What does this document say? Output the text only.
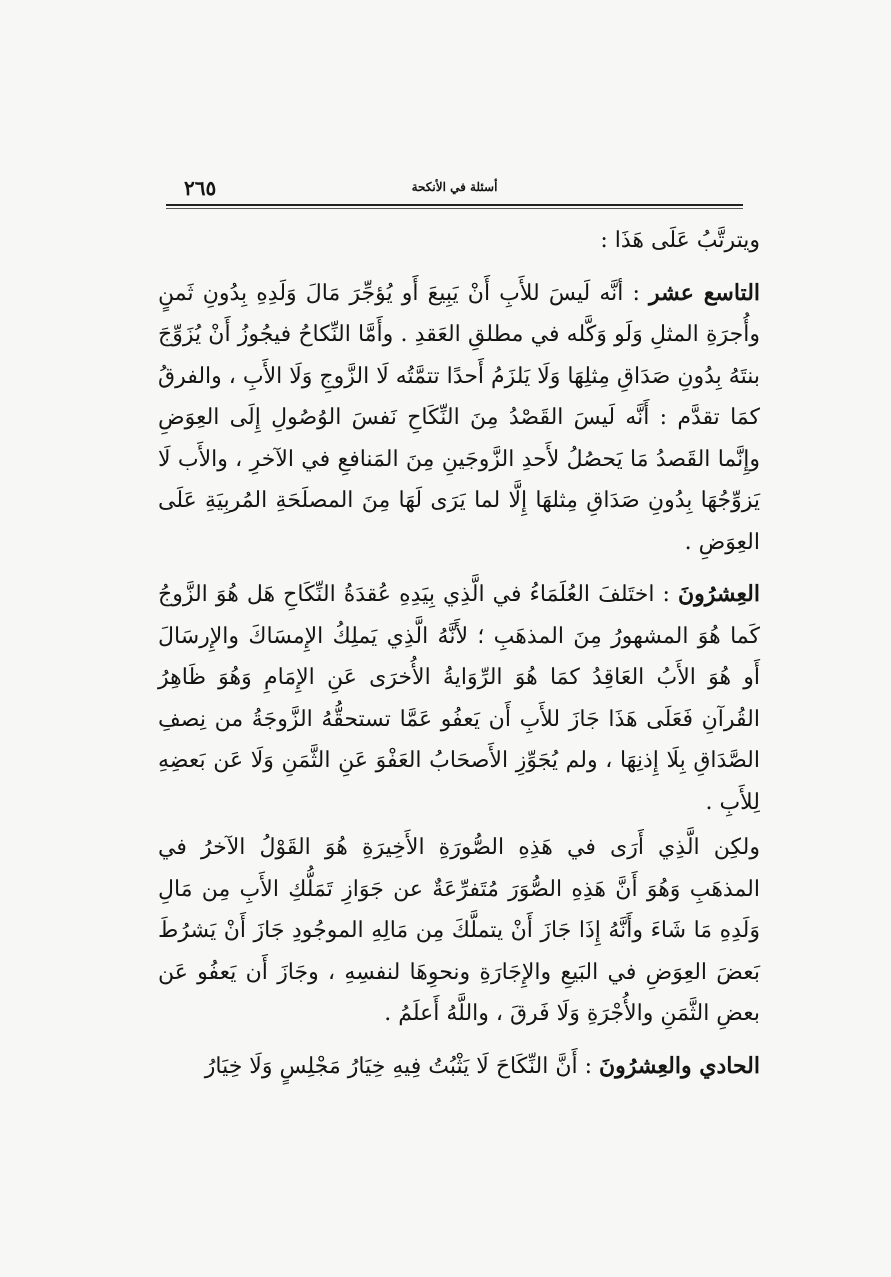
٢٦٥	أسئلة في الأنكحة

ويترتَّبُ عَلَى هَذَا :

التاسع عشر : أنَّه لَيسَ للأَبِ أَنْ يَبِيعَ أَو يُؤجِّرَ مَالَ وَلَدِهِ بِدُونِ ثَمنٍ وأُجرَةِ المثلِ وَلَو وَكَّله في مطلقِ العَقدِ . وأَمَّا النِّكاحُ فيجُوزُ أَنْ يُزَوِّجَ بنتَهُ بِدُونِ صَدَاقِ مِثلِهَا وَلَا يَلزَمُ أَحدًا تتمَّتُه لَا الزَّوجِ وَلَا الأَبِ ، والفرقُ كمَا تقدَّم : أَنَّه لَيسَ القَصْدُ مِنَ النِّكَاحِ نَفسَ الوُصُولِ إِلَى العِوَضِ وإِنَّما القَصدُ مَا يَحصُلُ لأَحدِ الزَّوجَينِ مِنَ المَنافعِ في الآخرِ ، والأَب لَا يَزوِّجُهَا بِدُونِ صَدَاقِ مِثلهَا إِلَّا لما يَرَى لَهَا مِنَ المصلَحَةِ المُربِيَةِ عَلَى العِوَضِ .

العِشرُونَ : اختَلفَ العُلَمَاءُ في الَّذِي بِيَدِهِ عُقدَةُ النِّكَاحِ هَل هُوَ الزَّوجُ كَما هُوَ المشهورُ مِنَ المذهَبِ ؛ لأَنَّهُ الَّذِي يَملِكُ الإِمسَاكَ والإِرسَالَ أَو هُوَ الأَبُ العَاقِدُ كمَا هُوَ الرِّوَايةُ الأُخرَى عَنِ الإِمَامِ وَهُوَ ظَاهِرُ القُرآنِ فَعَلَى هَذَا جَازَ للأَبِ أَن يَعفُو عَمَّا تستحقُّهُ الزَّوجَةُ من نِصفِ الصَّدَاقِ بِلَا إِذنِهَا ، ولم يُجَوِّزِ الأَصحَابُ العَفْوَ عَنِ الثَّمَنِ وَلَا عَن بَعضِهِ لِلأَبِ .

ولكِن الَّذِي أَرَى في هَذِهِ الصُّورَةِ الأَخِيرَةِ هُوَ القَوْلُ الآخرُ في المذهَبِ وَهُوَ أَنَّ هَذِهِ الصُّوَرَ مُتَفرِّعَةٌ عن جَوَازِ تَمَلُّكِ الأَبِ مِن مَالِ وَلَدِهِ مَا شَاءَ وأَنَّهُ إِذَا جَازَ أَنْ يتملَّكَ مِن مَالِهِ الموجُودِ جَازَ أَنْ يَشرُطَ بَعضَ العِوَضِ في البَيعِ والإِجَارَةِ ونحوِهَا لنفسِهِ ، وجَازَ أَن يَعفُو عَن بعضِ الثَّمَنِ والأُجْرَةِ وَلَا فَرقَ ، واللَّهُ أَعلَمُ .

الحادي والعِشرُونَ : أَنَّ النِّكَاحَ لَا يَثْبُتُ فِيهِ خِيَارُ مَجْلِسٍ وَلَا خِيَارُ
